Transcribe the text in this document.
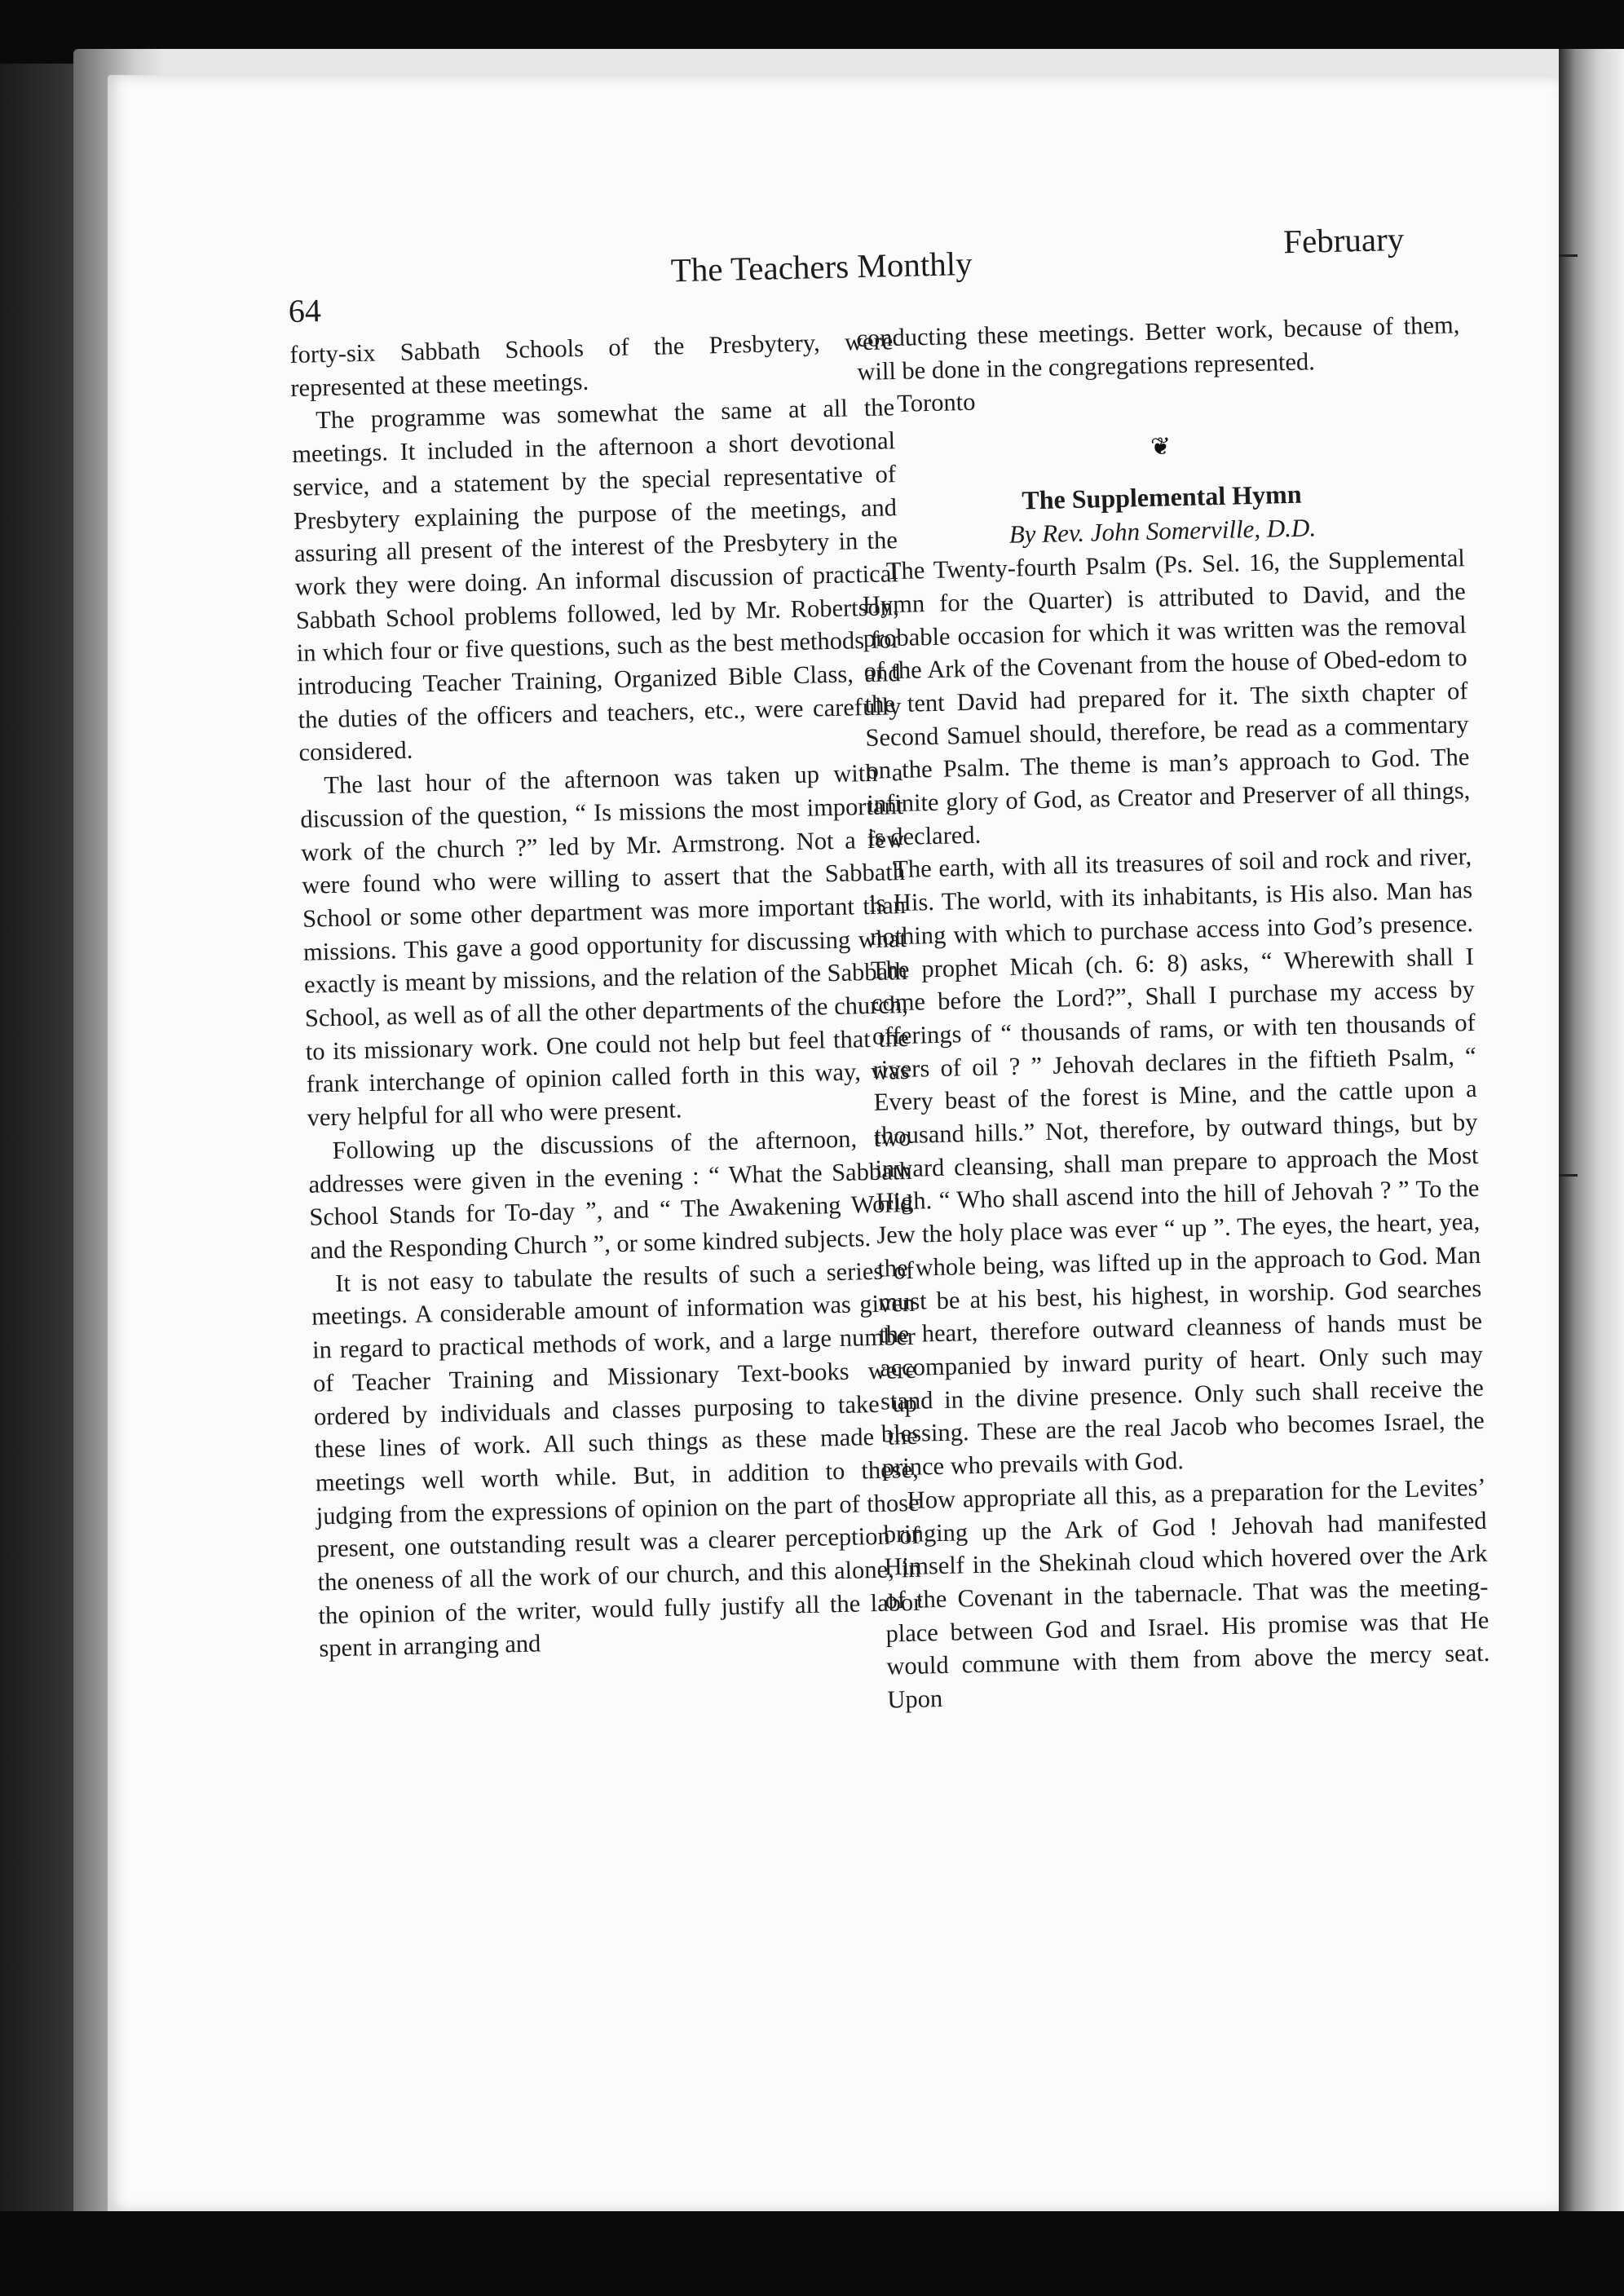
64
The Teachers Monthly
February

forty-six Sabbath Schools of the Presbytery, were represented at these meetings.

The programme was somewhat the same at all the meetings. It included in the afternoon a short devotional service, and a statement by the special representative of Presbytery explaining the purpose of the meetings, and assuring all present of the interest of the Presbytery in the work they were doing. An informal discussion of practical Sabbath School problems followed, led by Mr. Robertson, in which four or five questions, such as the best methods for introducing Teacher Training, Organized Bible Class, and the duties of the officers and teachers, etc., were carefully considered.

The last hour of the afternoon was taken up with a discussion of the question, “ Is missions the most important work of the church ?” led by Mr. Armstrong. Not a few were found who were willing to assert that the Sabbath School or some other department was more important than missions. This gave a good opportunity for discussing what exactly is meant by missions, and the relation of the Sabbath School, as well as of all the other departments of the church, to its missionary work. One could not help but feel that the frank interchange of opinion called forth in this way, was very helpful for all who were present.

Following up the discussions of the afternoon, two addresses were given in the evening : “ What the Sabbath School Stands for To-day ”, and “ The Awakening World and the Responding Church ”, or some kindred subjects.

It is not easy to tabulate the results of such a series of meetings. A considerable amount of information was given in regard to practical methods of work, and a large number of Teacher Training and Missionary Text-books were ordered by individuals and classes purposing to take up these lines of work. All such things as these made the meetings well worth while. But, in addition to these, judging from the expressions of opinion on the part of those present, one outstanding result was a clearer perception of the oneness of all the work of our church, and this alone, in the opinion of the writer, would fully justify all the labor spent in arranging and

conducting these meetings. Better work, because of them, will be done in the congregations represented.

Toronto

❦
The Supplemental Hymn
By Rev. John Somerville, D.D.

The Twenty-fourth Psalm (Ps. Sel. 16, the Supplemental Hymn for the Quarter) is attributed to David, and the probable occasion for which it was written was the removal of the Ark of the Covenant from the house of Obed-edom to the tent David had prepared for it. The sixth chapter of Second Samuel should, therefore, be read as a commentary on the Psalm. The theme is man’s approach to God. The infinite glory of God, as Creator and Preserver of all things, is declared.

The earth, with all its treasures of soil and rock and river, is His. The world, with its inhabitants, is His also. Man has nothing with which to purchase access into God’s presence. The prophet Micah (ch. 6: 8) asks, “ Wherewith shall I come before the Lord?”, Shall I purchase my access by offerings of “ thousands of rams, or with ten thousands of rivers of oil ? ” Jehovah declares in the fiftieth Psalm, “ Every beast of the forest is Mine, and the cattle upon a thousand hills.” Not, therefore, by outward things, but by inward cleansing, shall man prepare to approach the Most High. “ Who shall ascend into the hill of Jehovah ? ” To the Jew the holy place was ever “ up ”. The eyes, the heart, yea, the whole being, was lifted up in the approach to God. Man must be at his best, his highest, in worship. God searches the heart, therefore outward cleanness of hands must be accompanied by inward purity of heart. Only such may stand in the divine presence. Only such shall receive the blessing. These are the real Jacob who becomes Israel, the prince who prevails with God.

How appropriate all this, as a preparation for the Levites’ bringing up the Ark of God ! Jehovah had manifested Himself in the Shekinah cloud which hovered over the Ark of the Covenant in the tabernacle. That was the meeting-place between God and Israel. His promise was that He would commune with them from above the mercy seat. Upon
